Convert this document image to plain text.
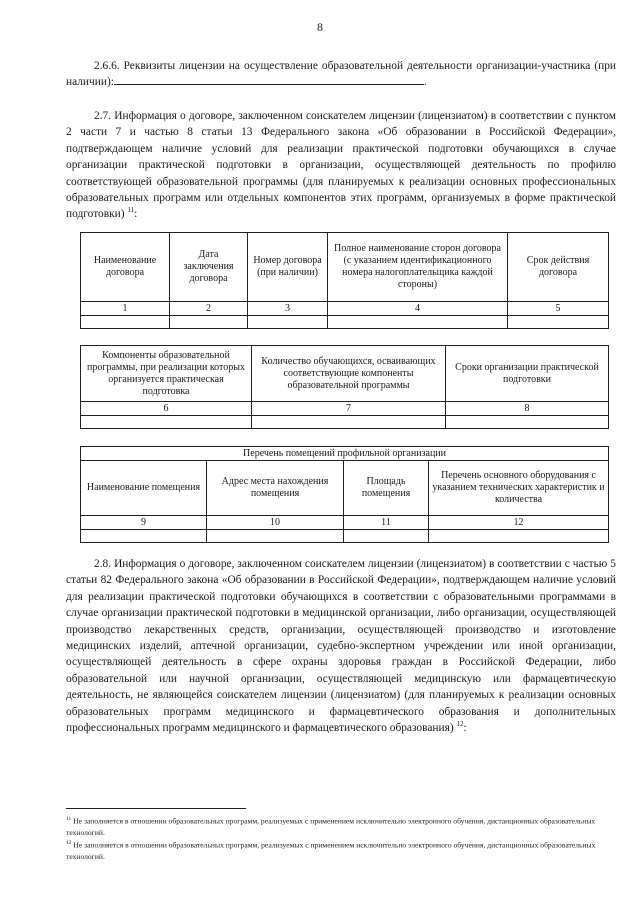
8

2.6.6. Реквизиты лицензии на осуществление образовательной деятельности организации-участника (при наличии):	.

2.7. Информация о договоре, заключенном соискателем лицензии (лицензиатом) в соответствии с пунктом 2 части 7 и частью 8 статьи 13 Федерального закона «Об образовании в Российской Федерации», подтверждающем наличие условий для реализации практической подготовки обучающихся в случае организации практической подготовки в организации, осуществляющей деятельность по профилю соответствующей образовательной программы (для планируемых к реализации основных профессиональных образовательных программ или отдельных компонентов этих программ, организуемых в форме практической подготовки) $^{11}$:

Наименование договора	Дата заключения договора	Номер договора (при наличии)	Полное наименование сторон договора (с указанием идентификационного номера налогоплательщика каждой стороны)	Срок действия договора
1	2	3	4	5

Компоненты образовательной программы, при реализации которых организуется практическая подготовка	Количество обучающихся, осваивающих соответствующие компоненты образовательной программы	Сроки организации практической подготовки
6	7	8

Перечень помещений профильной организации			
Наименование помещения	Адрес места нахождения помещения	Площадь помещения	Перечень основного оборудования с указанием технических характеристик и количества
9	10	11	12

2.8. Информация о договоре, заключенном соискателем лицензии (лицензиатом) в соответствии с частью 5 статьи 82 Федерального закона «Об образовании в Российской Федерации», подтверждающем наличие условий для реализации практической подготовки обучающихся в соответствии с образовательными программами в случае организации практической подготовки в медицинской организации, либо организации, осуществляющей производство лекарственных средств, организации, осуществляющей производство и изготовление медицинских изделий, аптечной организации, судебно-экспертном учреждении или иной организации, осуществляющей деятельность в сфере охраны здоровья граждан в Российской Федерации, либо образовательной или научной организации, осуществляющей медицинскую или фармацевтическую деятельность, не являющейся соискателем лицензии (лицензиатом) (для планируемых к реализации основных образовательных программ медицинского и фармацевтического образования и дополнительных профессиональных программ медицинского и фармацевтического образования) $^{12}$:

$^{11}$ Не заполняется в отношении образовательных программ, реализуемых с применением исключительно электронного обучения, дистанционных образовательных технологий.

$^{12}$ Не заполняется в отношении образовательных программ, реализуемых с применением исключительно электронного обучения, дистанционных образовательных технологий.
